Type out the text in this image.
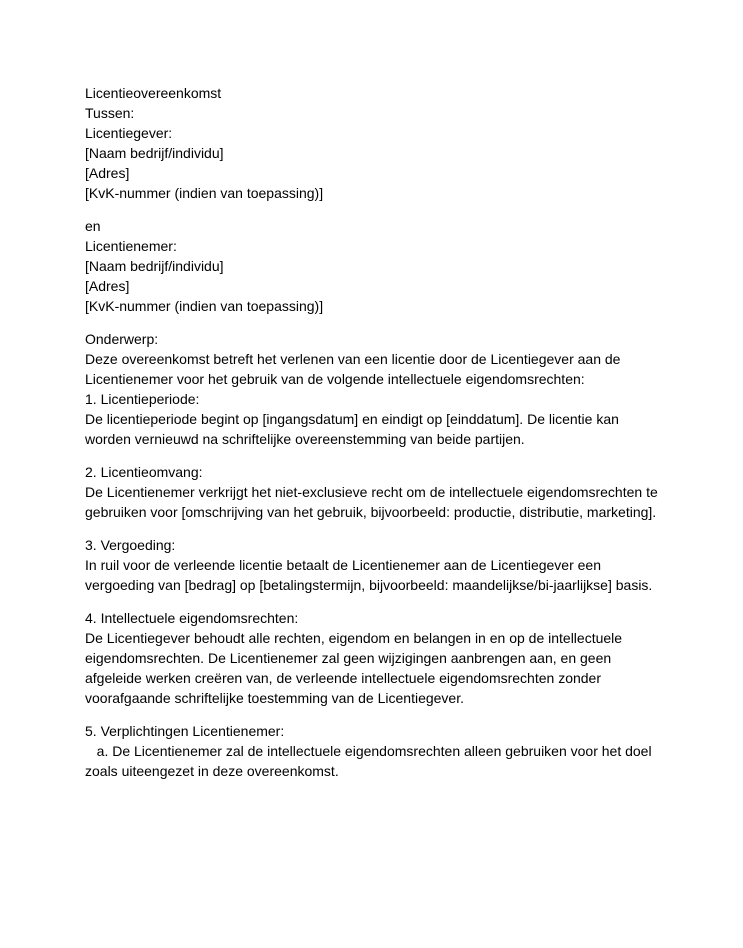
Licentieovereenkomst
Tussen:
Licentiegever:
[Naam bedrijf/individu]
[Adres]
[KvK-nummer (indien van toepassing)]
en
Licentienemer:
[Naam bedrijf/individu]
[Adres]
[KvK-nummer (indien van toepassing)]
Onderwerp:
Deze overeenkomst betreft het verlenen van een licentie door de Licentiegever aan de Licentienemer voor het gebruik van de volgende intellectuele eigendomsrechten:
1. Licentieperiode:
De licentieperiode begint op [ingangsdatum] en eindigt op [einddatum]. De licentie kan worden vernieuwd na schriftelijke overeenstemming van beide partijen.
2. Licentieomvang:
De Licentienemer verkrijgt het niet-exclusieve recht om de intellectuele eigendomsrechten te gebruiken voor [omschrijving van het gebruik, bijvoorbeeld: productie, distributie, marketing].
3. Vergoeding:
In ruil voor de verleende licentie betaalt de Licentienemer aan de Licentiegever een vergoeding van [bedrag] op [betalingstermijn, bijvoorbeeld: maandelijkse/bi-jaarlijkse] basis.
4. Intellectuele eigendomsrechten:
De Licentiegever behoudt alle rechten, eigendom en belangen in en op de intellectuele eigendomsrechten. De Licentienemer zal geen wijzigingen aanbrengen aan, en geen afgeleide werken creëren van, de verleende intellectuele eigendomsrechten zonder voorafgaande schriftelijke toestemming van de Licentiegever.
5. Verplichtingen Licentienemer:
a. De Licentienemer zal de intellectuele eigendomsrechten alleen gebruiken voor het doel zoals uiteengezet in deze overeenkomst.
